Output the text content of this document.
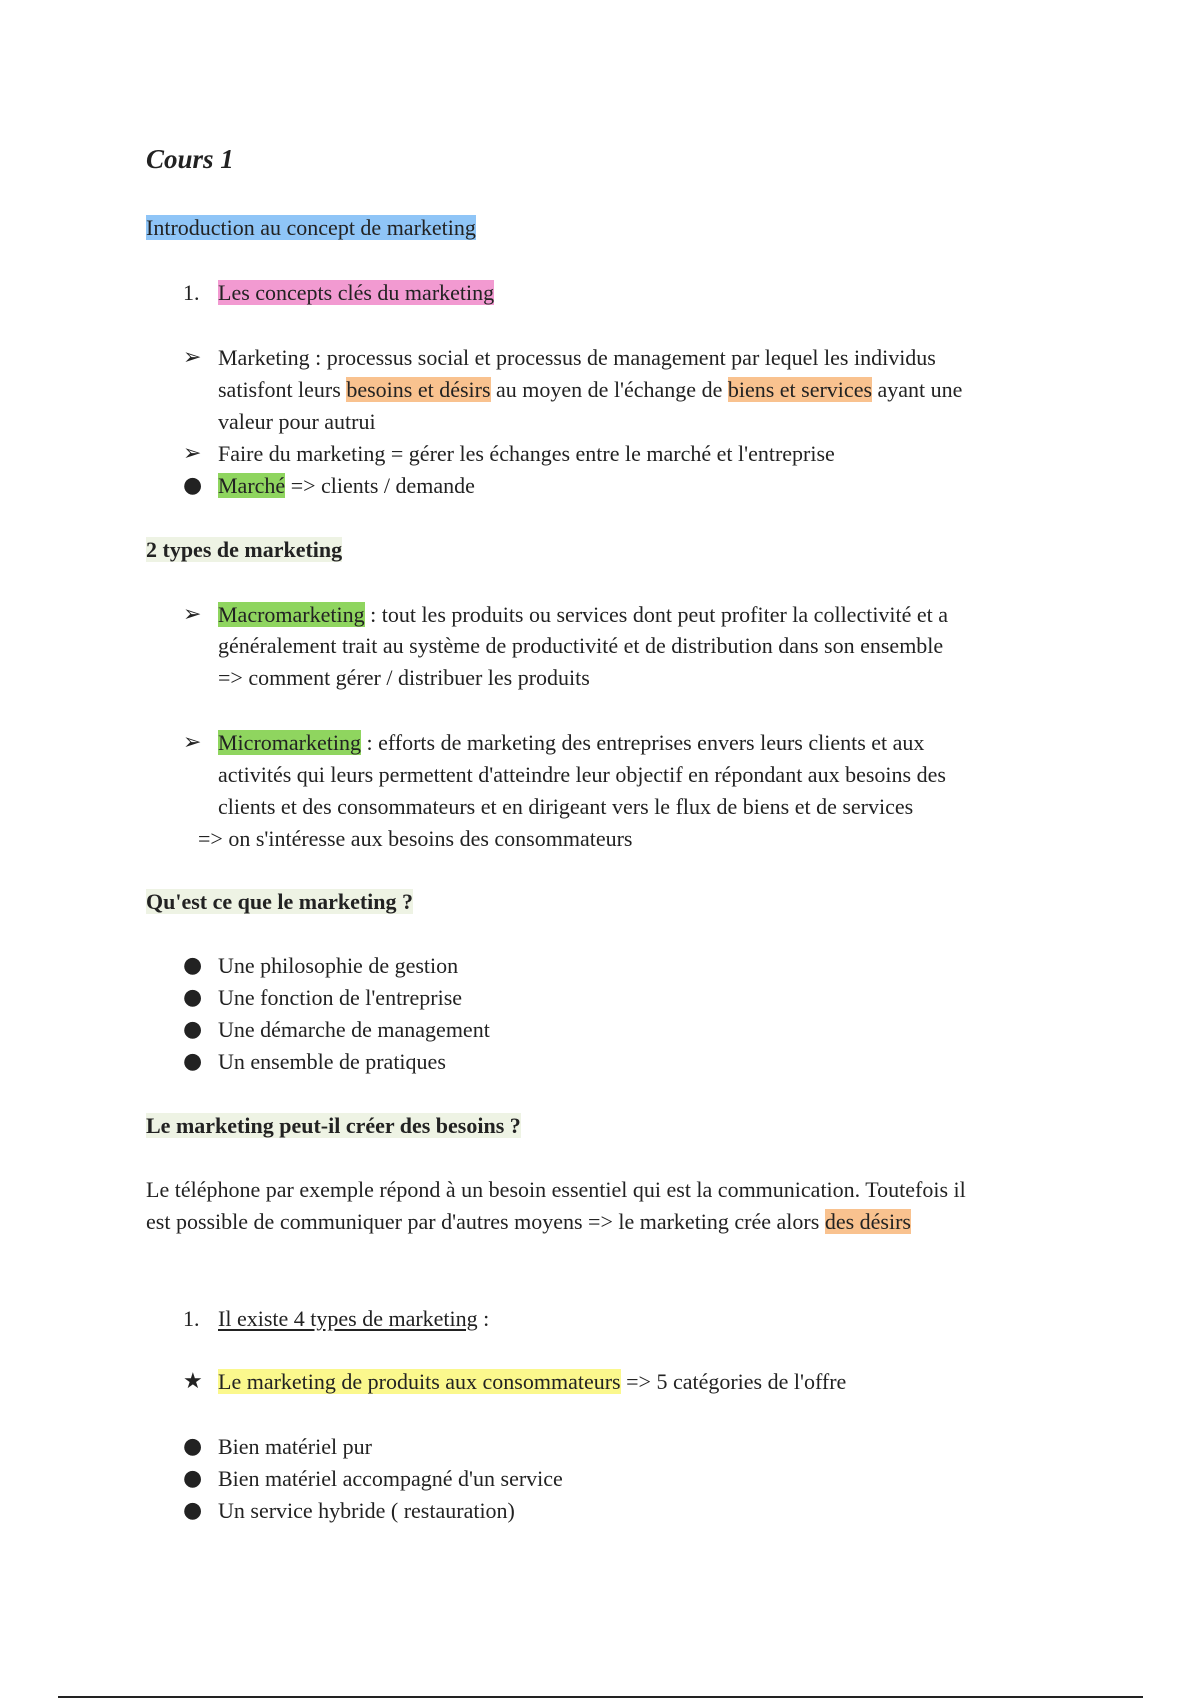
Cours 1
Introduction au concept de marketing
1. Les concepts clés du marketing
➢ Marketing : processus social et processus de management par lequel les individus
satisfont leurs besoins et désirs au moyen de l'échange de biens et services ayant une
valeur pour autrui
➢ Faire du marketing = gérer les échanges entre le marché et l'entreprise
● Marché => clients / demande
2 types de marketing
➢ Macromarketing : tout les produits ou services dont peut profiter la collectivité et a
généralement trait au système de productivité et de distribution dans son ensemble
=> comment gérer / distribuer les produits
➢ Micromarketing : efforts de marketing des entreprises envers leurs clients et aux
activités qui leurs permettent d'atteindre leur objectif en répondant aux besoins des
clients et des consommateurs et en dirigeant vers le flux de biens et de services
=> on s'intéresse aux besoins des consommateurs
Qu'est ce que le marketing ?
● Une philosophie de gestion
● Une fonction de l'entreprise
● Une démarche de management
● Un ensemble de pratiques
Le marketing peut-il créer des besoins ?
Le téléphone par exemple répond à un besoin essentiel qui est la communication. Toutefois il
est possible de communiquer par d'autres moyens => le marketing crée alors des désirs
1. Il existe 4 types de marketing :
★ Le marketing de produits aux consommateurs => 5 catégories de l'offre
● Bien matériel pur
● Bien matériel accompagné d'un service
● Un service hybride ( restauration)
